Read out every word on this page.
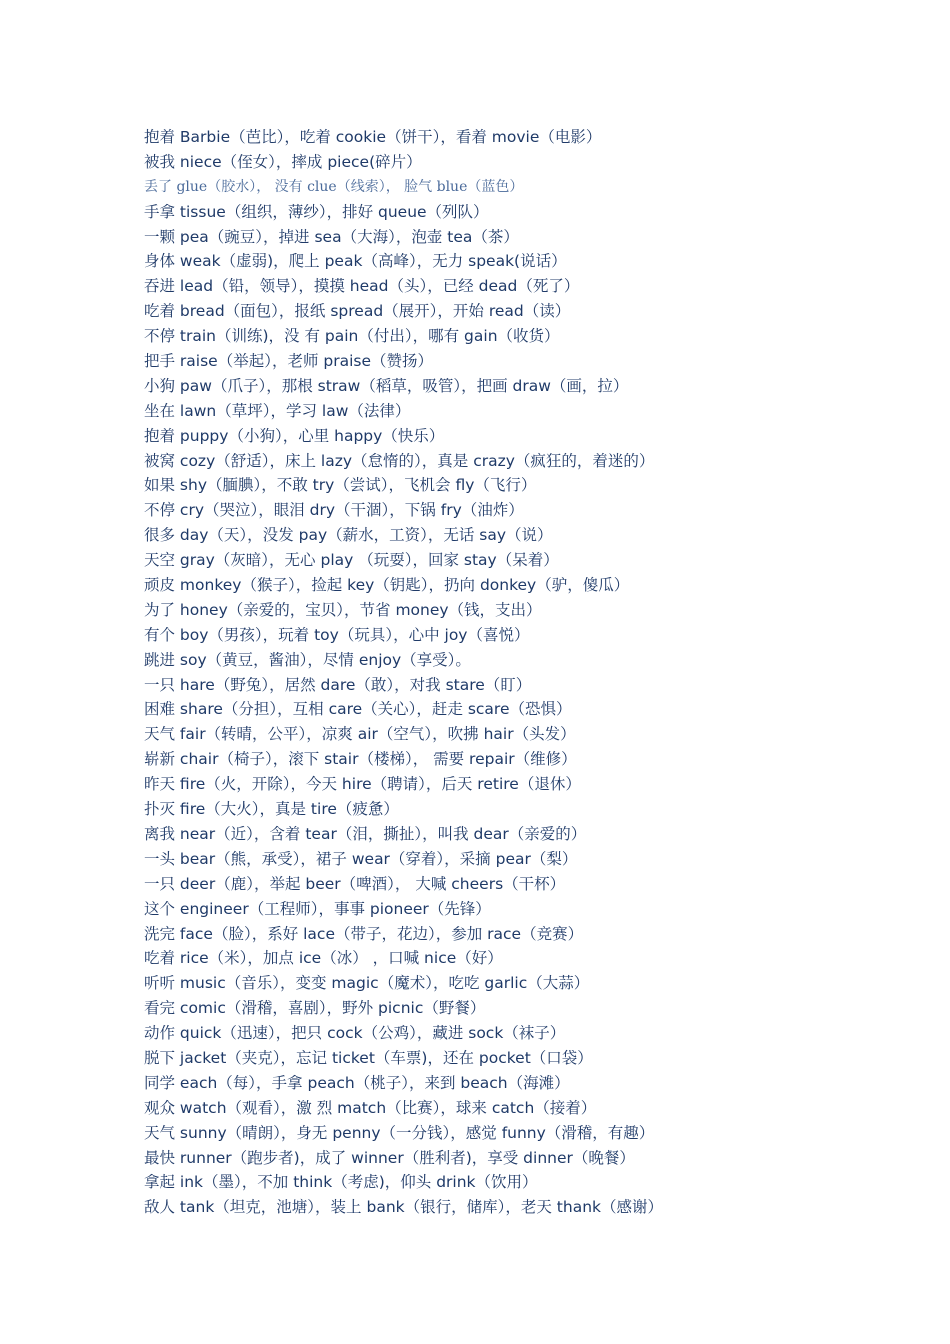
抱着 Barbie（芭比），吃着 cookie（饼干），看着 movie（电影）
被我 niece（侄女），摔成 piece(碎片）
丢了 glue（胶水）， 没有 clue（线索）， 脸气 blue（蓝色）
手拿 tissue（组织，薄纱），排好 queue（列队）
一颗 pea（豌豆），掉进 sea（大海），泡壶 tea（茶）
身体 weak（虚弱)，爬上 peak（高峰），无力 speak(说话）
吞进 lead（铅，领导），摸摸 head（头），已经 dead（死了）
吃着 bread（面包），报纸 spread（展开），开始 read（读）
不停 train（训练)，没 有 pain（付出），哪有 gain（收货）
把手 raise（举起），老师 praise（赞扬）
小狗 paw（爪子），那根 straw（稻草，吸管），把画 draw（画，拉）
坐在 lawn（草坪），学习 law（法律）
抱着 puppy（小狗），心里 happy（快乐）
被窝 cozy（舒适），床上 lazy（怠惰的），真是 crazy（疯狂的，着迷的）
如果 shy（腼腆），不敢 try（尝试），飞机会 fly（飞行）
不停 cry（哭泣），眼泪 dry（干涸），下锅 fry（油炸）
很多 day（天），没发 pay（薪水，工资），无话 say（说）
天空 gray（灰暗），无心 play （玩耍），回家 stay（呆着）
顽皮 monkey（猴子），捡起 key（钥匙），扔向 donkey（驴，傻瓜）
为了 honey（亲爱的，宝贝），节省 money（钱，支出）
有个 boy（男孩），玩着 toy（玩具），心中 joy（喜悦）
跳进 soy（黄豆，酱油），尽情 enjoy（享受）。
一只 hare（野兔），居然 dare（敢），对我 stare（盯）
困难 share（分担），互相 care（关心），赶走 scare（恐惧）
天气 fair（转晴，公平），凉爽 air（空气），吹拂 hair（头发）
崭新 chair（椅子），滚下 stair（楼梯）， 需要 repair（维修）
昨天 fire（火，开除），今天 hire（聘请），后天 retire（退休）
扑灭 fire（大火），真是 tire（疲惫）
离我 near（近），含着 tear（泪，撕扯），叫我 dear（亲爱的）
一头 bear（熊，承受），裙子 wear（穿着），采摘 pear（梨）
一只 deer（鹿），举起 beer（啤酒）， 大喊 cheers（干杯）
这个 engineer（工程师），事事 pioneer（先锋）
洗完 face（脸），系好 lace（带子，花边），参加 race（竞赛）
吃着 rice（米），加点 ice（冰） ，口喊 nice（好）
听听 music（音乐），变变 magic（魔术），吃吃 garlic（大蒜）
看完 comic（滑稽，喜剧），野外 picnic（野餐）
动作 quick（迅速），把只 cock（公鸡），藏进 sock（袜子）
脱下 jacket（夹克），忘记 ticket（车票)，还在 pocket（口袋）
同学 each（每），手拿 peach（桃子），来到 beach（海滩）
观众 watch（观看），激 烈 match（比赛），球来 catch（接着）
天气 sunny（晴朗），身无 penny（一分钱），感觉 funny（滑稽，有趣）
最快 runner（跑步者)，成了 winner（胜利者)，享受 dinner（晚餐）
拿起 ink（墨），不加 think（考虑)，仰头 drink（饮用）
敌人 tank（坦克，池塘），装上 bank（银行，储库），老天 thank（感谢）
